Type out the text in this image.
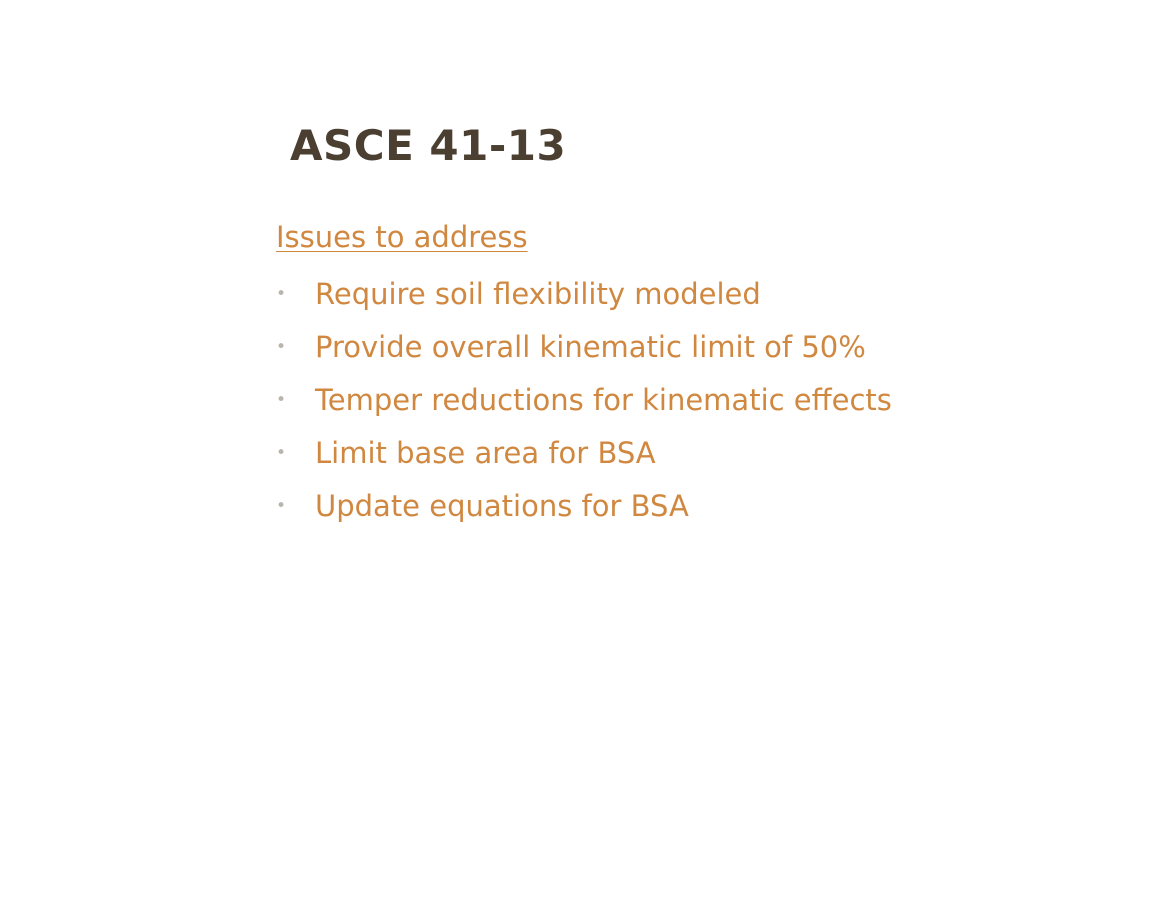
ASCE 41-13

Issues to address

• Require soil flexibility modeled
• Provide overall kinematic limit of 50%
• Temper reductions for kinematic effects
• Limit base area for BSA
• Update equations for BSA
